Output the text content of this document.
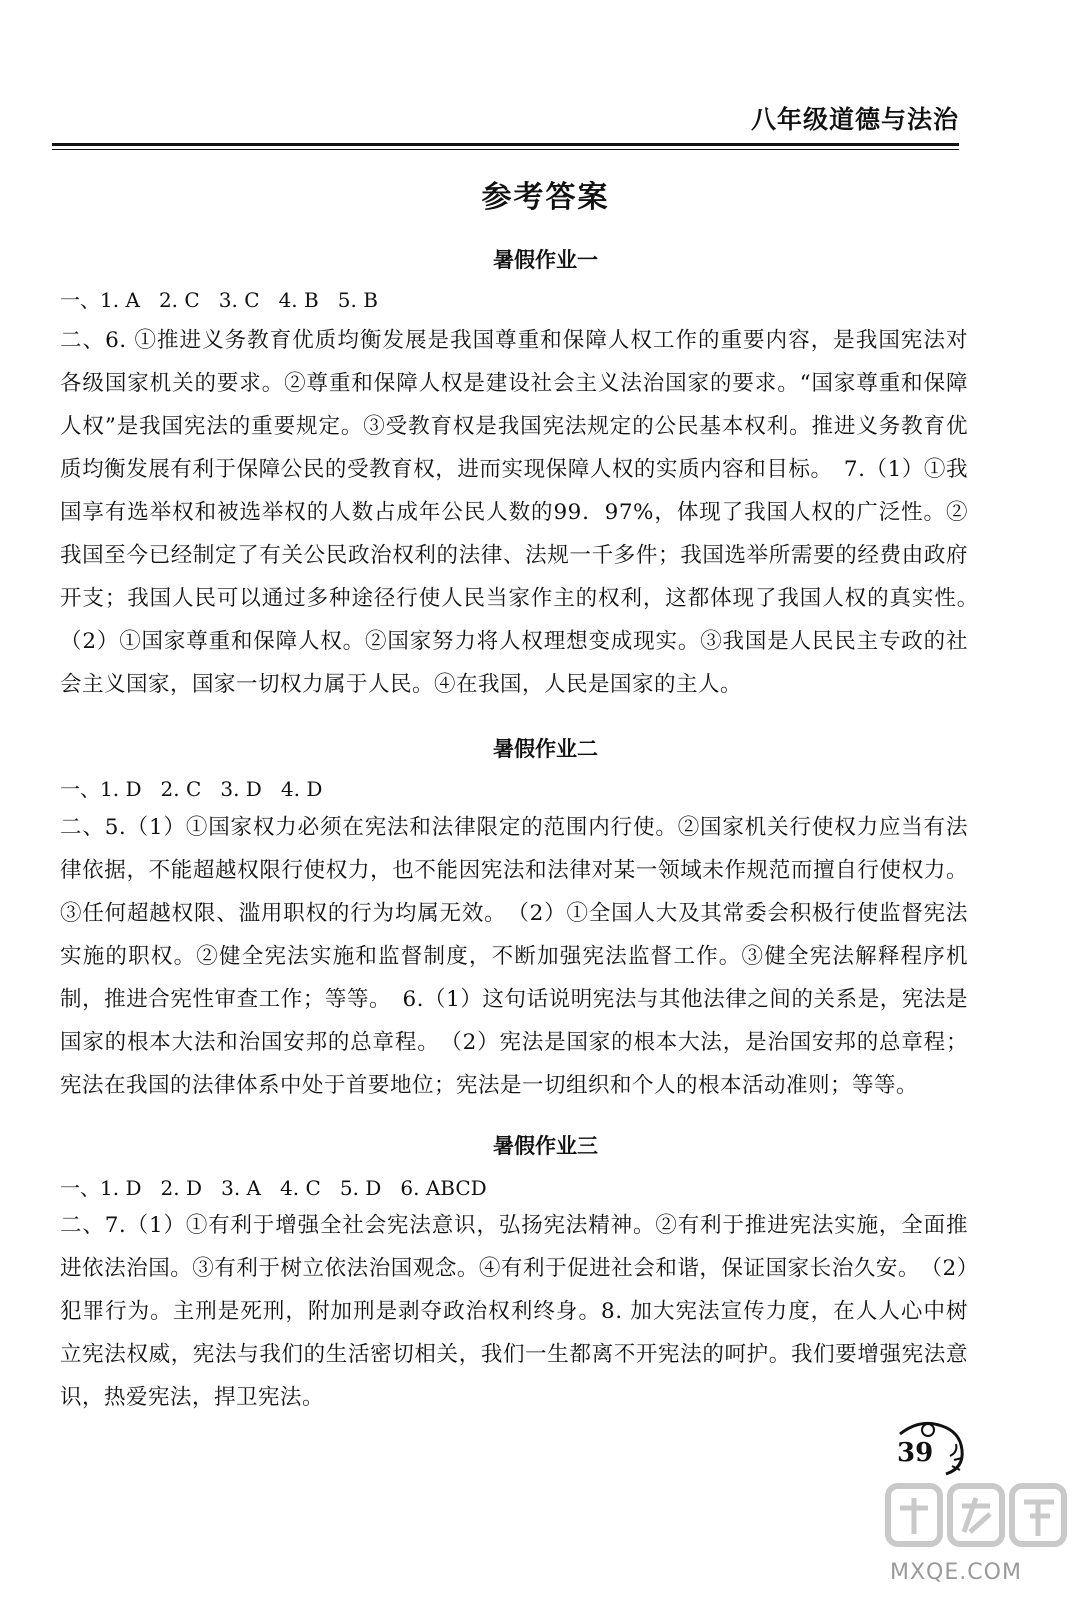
八年级道德与法治
参考答案
暑假作业一
一、1. A   2. C   3. C   4. B   5. B
二、6. ①推进义务教育优质均衡发展是我国尊重和保障人权工作的重要内容，是我国宪法对各级国家机关的要求。②尊重和保障人权是建设社会主义法治国家的要求。“国家尊重和保障人权”是我国宪法的重要规定。③受教育权是我国宪法规定的公民基本权利。推进义务教育优质均衡发展有利于保障公民的受教育权，进而实现保障人权的实质内容和目标。　7.（1）①我国享有选举权和被选举权的人数占成年公民人数的99．97%，体现了我国人权的广泛性。②我国至今已经制定了有关公民政治权利的法律、法规一千多件；我国选举所需要的经费由政府开支；我国人民可以通过多种途径行使人民当家作主的权利，这都体现了我国人权的真实性。　（2）①国家尊重和保障人权。②国家努力将人权理想变成现实。③我国是人民民主专政的社会主义国家，国家一切权力属于人民。④在我国，人民是国家的主人。
暑假作业二
一、1. D   2. C   3. D   4. D
二、5.（1）①国家权力必须在宪法和法律限定的范围内行使。②国家机关行使权力应当有法律依据，不能超越权限行使权力，也不能因宪法和法律对某一领域未作规范而擅自行使权力。③任何超越权限、滥用职权的行为均属无效。　（2）①全国人大及其常委会积极行使监督宪法实施的职权。②健全宪法实施和监督制度，不断加强宪法监督工作。③健全宪法解释程序机制，推进合宪性审查工作；等等。　6.（1）这句话说明宪法与其他法律之间的关系是，宪法是国家的根本大法和治国安邦的总章程。　（2）宪法是国家的根本大法，是治国安邦的总章程；宪法在我国的法律体系中处于首要地位；宪法是一切组织和个人的根本活动准则；等等。
暑假作业三
一、1. D   2. D   3. A   4. C   5. D   6. ABCD
二、7.（1）①有利于增强全社会宪法意识，弘扬宪法精神。②有利于推进宪法实施，全面推进依法治国。③有利于树立依法治国观念。④有利于促进社会和谐，保证国家长治久安。　（2）犯罪行为。主刑是死刑，附加刑是剥夺政治权利终身。8. 加大宪法宣传力度，在人人心中树立宪法权威，宪法与我们的生活密切相关，我们一生都离不开宪法的呵护。我们要增强宪法意识，热爱宪法，捍卫宪法。
39
MXQE.COM
